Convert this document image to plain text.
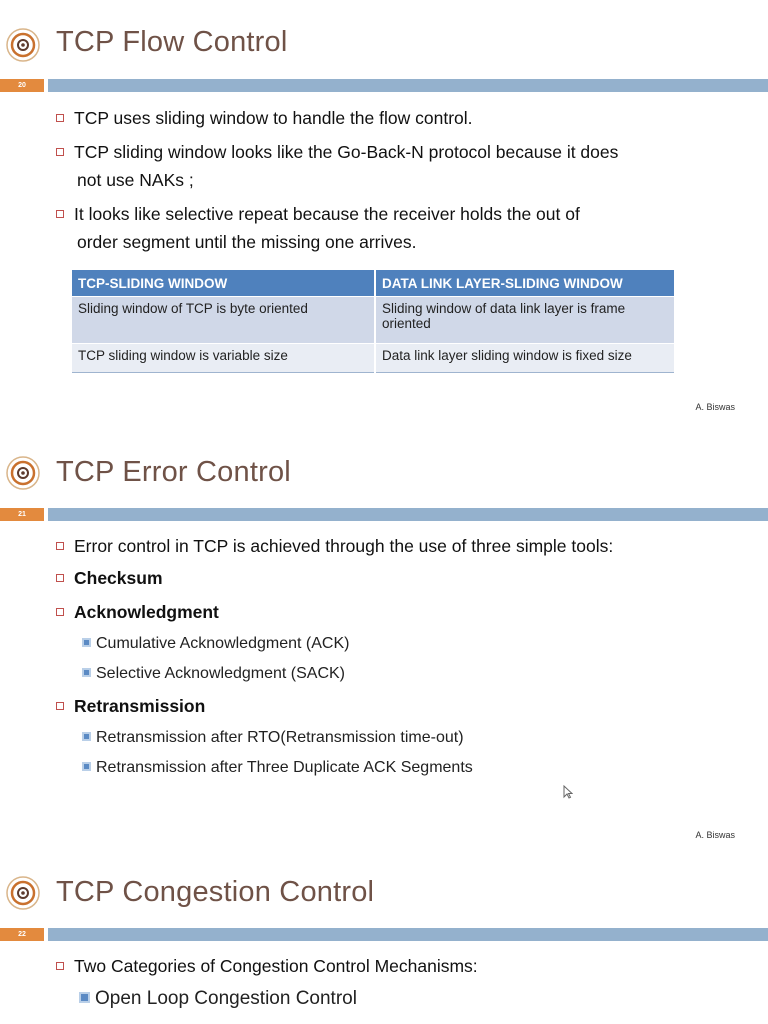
TCP Flow Control
20
TCP uses sliding window to handle the flow control.
TCP sliding window looks like the Go-Back-N protocol because it does
not use NAKs ;
It looks like selective repeat because the receiver holds the out of
order segment until the missing one arrives.
TCP-SLIDING WINDOW	DATA LINK LAYER-SLIDING WINDOW
Sliding window of TCP is byte oriented	Sliding window of data link layer is frame oriented
TCP sliding window is variable size	Data link layer sliding window is fixed size
A. Biswas
TCP Error Control
21
Error control in TCP is achieved through the use of three simple tools:
Checksum
Acknowledgment
Cumulative Acknowledgment (ACK)
Selective Acknowledgment (SACK)
Retransmission
Retransmission after RTO(Retransmission time-out)
Retransmission after Three Duplicate ACK Segments
A. Biswas
TCP Congestion Control
22
Two Categories of Congestion Control Mechanisms:
Open Loop Congestion Control
